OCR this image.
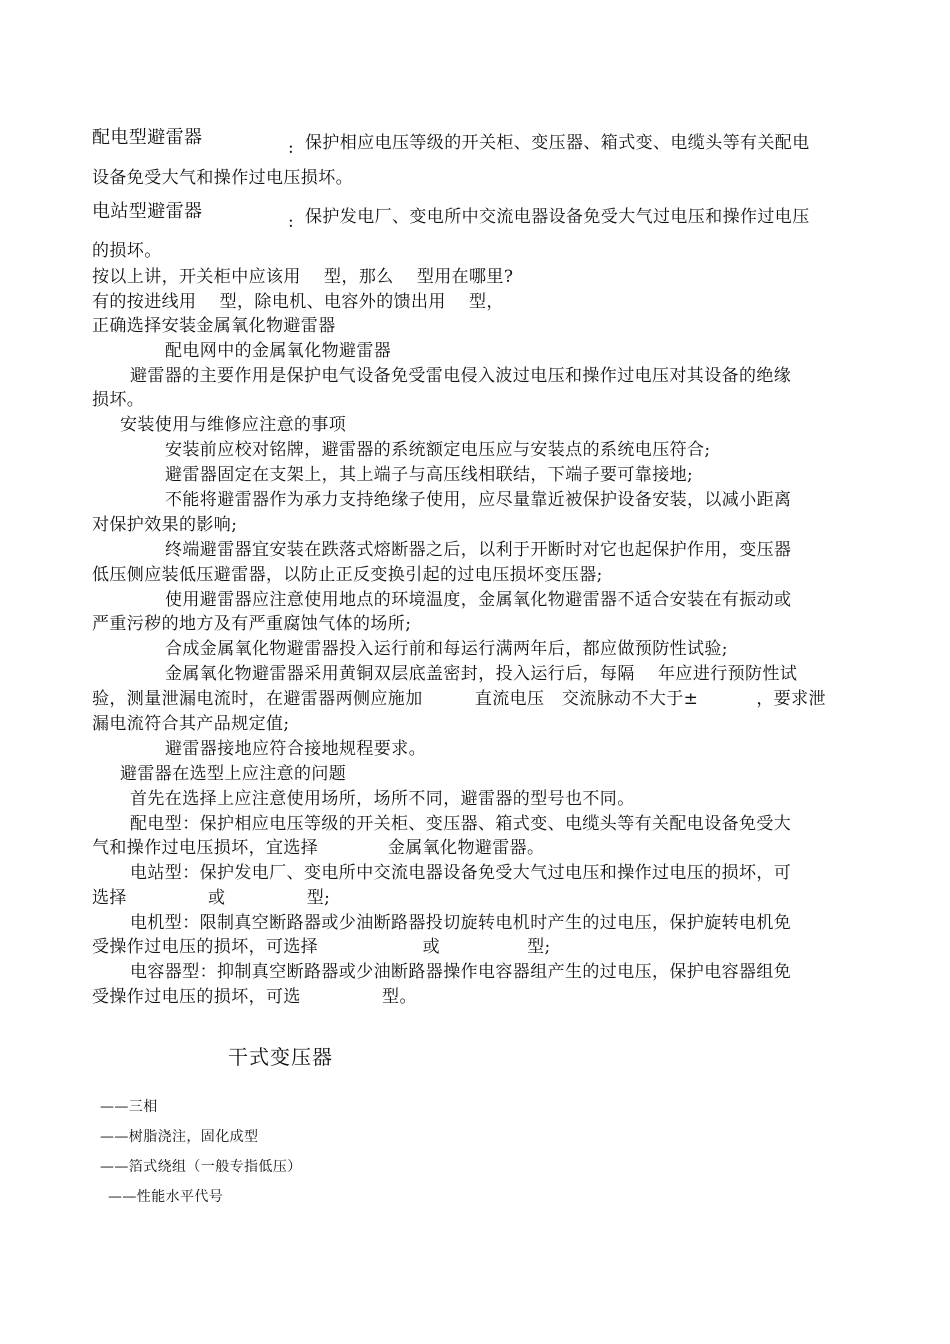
配电型避雷器	: 保护相应电压等级的开关柜、变压器、箱式变、电缆头等有关配电
设备免受大气和操作过电压损坏。
电站型避雷器	: 保护发电厂、变电所中交流电器设备免受大气过电压和操作过电压
的损坏。
按以上讲，开关柜中应该用    型，那么    型用在哪里?
有的按进线用    型，除电机、电容外的馈出用    型，
正确选择安装金属氧化物避雷器
配电网中的金属氧化物避雷器
避雷器的主要作用是保护电气设备免受雷电侵入波过电压和操作过电压对其设备的绝缘
损坏。
安装使用与维修应注意的事项
安装前应校对铭牌，避雷器的系统额定电压应与安装点的系统电压符合;
避雷器固定在支架上，其上端子与高压线相联结，下端子要可靠接地;
不能将避雷器作为承力支持绝缘子使用，应尽量靠近被保护设备安装，以减小距离
对保护效果的影响;
终端避雷器宜安装在跌落式熔断器之后，以利于开断时对它也起保护作用，变压器
低压侧应装低压避雷器，以防止正反变换引起的过电压损坏变压器;
使用避雷器应注意使用地点的环境温度，金属氧化物避雷器不适合安装在有振动或
严重污秽的地方及有严重腐蚀气体的场所;
合成金属氧化物避雷器投入运行前和每运行满两年后，都应做预防性试验;
金属氧化物避雷器采用黄铜双层底盖密封，投入运行后，每隔    年应进行预防性试
验，测量泄漏电流时，在避雷器两侧应施加         直流电压   交流脉动不大于±          ，要求泄
漏电流符合其产品规定值;
避雷器接地应符合接地规程要求。
避雷器在选型上应注意的问题
首先在选择上应注意使用场所，场所不同，避雷器的型号也不同。
配电型：保护相应电压等级的开关柜、变压器、箱式变、电缆头等有关配电设备免受大
气和操作过电压损坏，宜选择            金属氧化物避雷器。
电站型：保护发电厂、变电所中交流电器设备免受大气过电压和操作过电压的损坏，可
选择              或              型;
电机型：限制真空断路器或少油断路器投切旋转电机时产生的过电压，保护旋转电机免
受操作过电压的损坏，可选择                  或               型;
电容器型：抑制真空断路器或少油断路器操作电容器组产生的过电压，保护电容器组免
受操作过电压的损坏，可选              型。
干式变压器
——三相
——树脂浇注，固化成型
——箔式绕组（一般专指低压）
——性能水平代号
